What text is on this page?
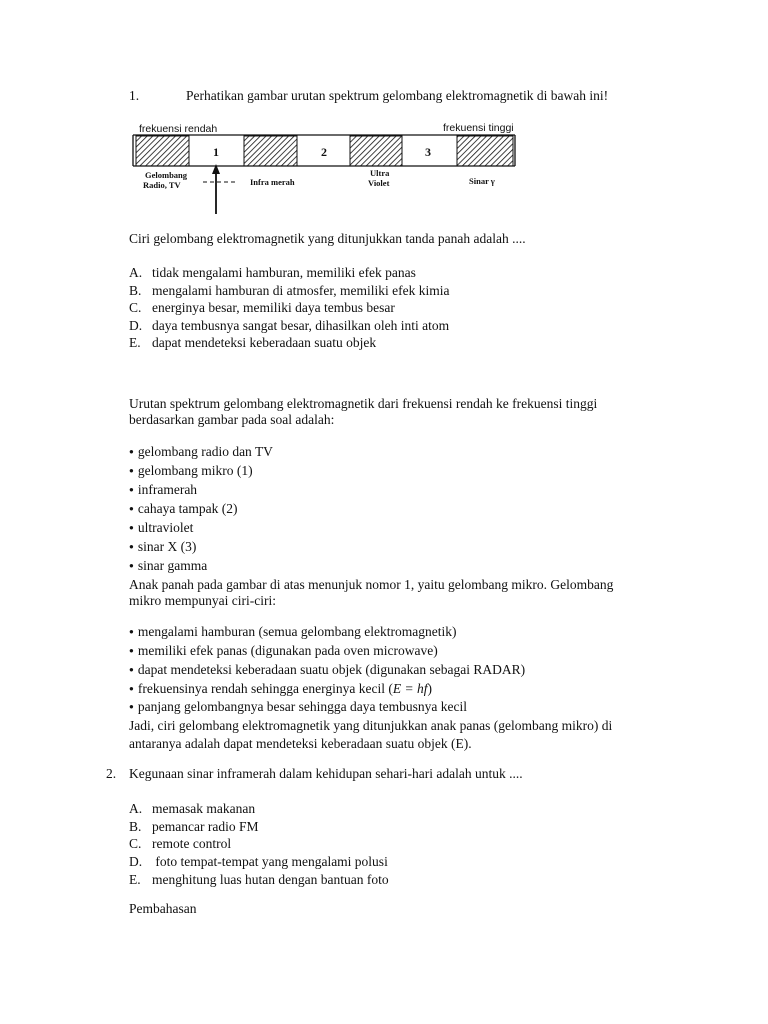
1.	Perhatikan gambar urutan spektrum gelombang elektromagnetik di bawah ini!
frekuensi rendah	frekuensi tinggi
1	2	3
Gelombang
Radio, TV	Infra merah
Ultra
Violet	Sinar γ
Ciri gelombang elektromagnetik yang ditunjukkan tanda panah adalah ....
A. tidak mengalami hamburan, memiliki efek panas
B. mengalami hamburan di atmosfer, memiliki efek kimia
C. energinya besar, memiliki daya tembus besar
D. daya tembusnya sangat besar, dihasilkan oleh inti atom
E. dapat mendeteksi keberadaan suatu objek
Urutan spektrum gelombang elektromagnetik dari frekuensi rendah ke frekuensi tinggi
berdasarkan gambar pada soal adalah:
● gelombang radio dan TV
● gelombang mikro (1)
● inframerah
● cahaya tampak (2)
● ultraviolet
● sinar X (3)
● sinar gamma
Anak panah pada gambar di atas menunjuk nomor 1, yaitu gelombang mikro. Gelombang
mikro mempunyai ciri-ciri:
● mengalami hamburan (semua gelombang elektromagnetik)
● memiliki efek panas (digunakan pada oven microwave)
● dapat mendeteksi keberadaan suatu objek (digunakan sebagai RADAR)
● frekuensinya rendah sehingga energinya kecil (E = hf)
● panjang gelombangnya besar sehingga daya tembusnya kecil
Jadi, ciri gelombang elektromagnetik yang ditunjukkan anak panas (gelombang mikro) di
antaranya adalah dapat mendeteksi keberadaan suatu objek (E).
2. Kegunaan sinar inframerah dalam kehidupan sehari-hari adalah untuk ....
A. memasak makanan
B. pemancar radio FM
C. remote control
D. foto tempat-tempat yang mengalami polusi
E. menghitung luas hutan dengan bantuan foto
Pembahasan
